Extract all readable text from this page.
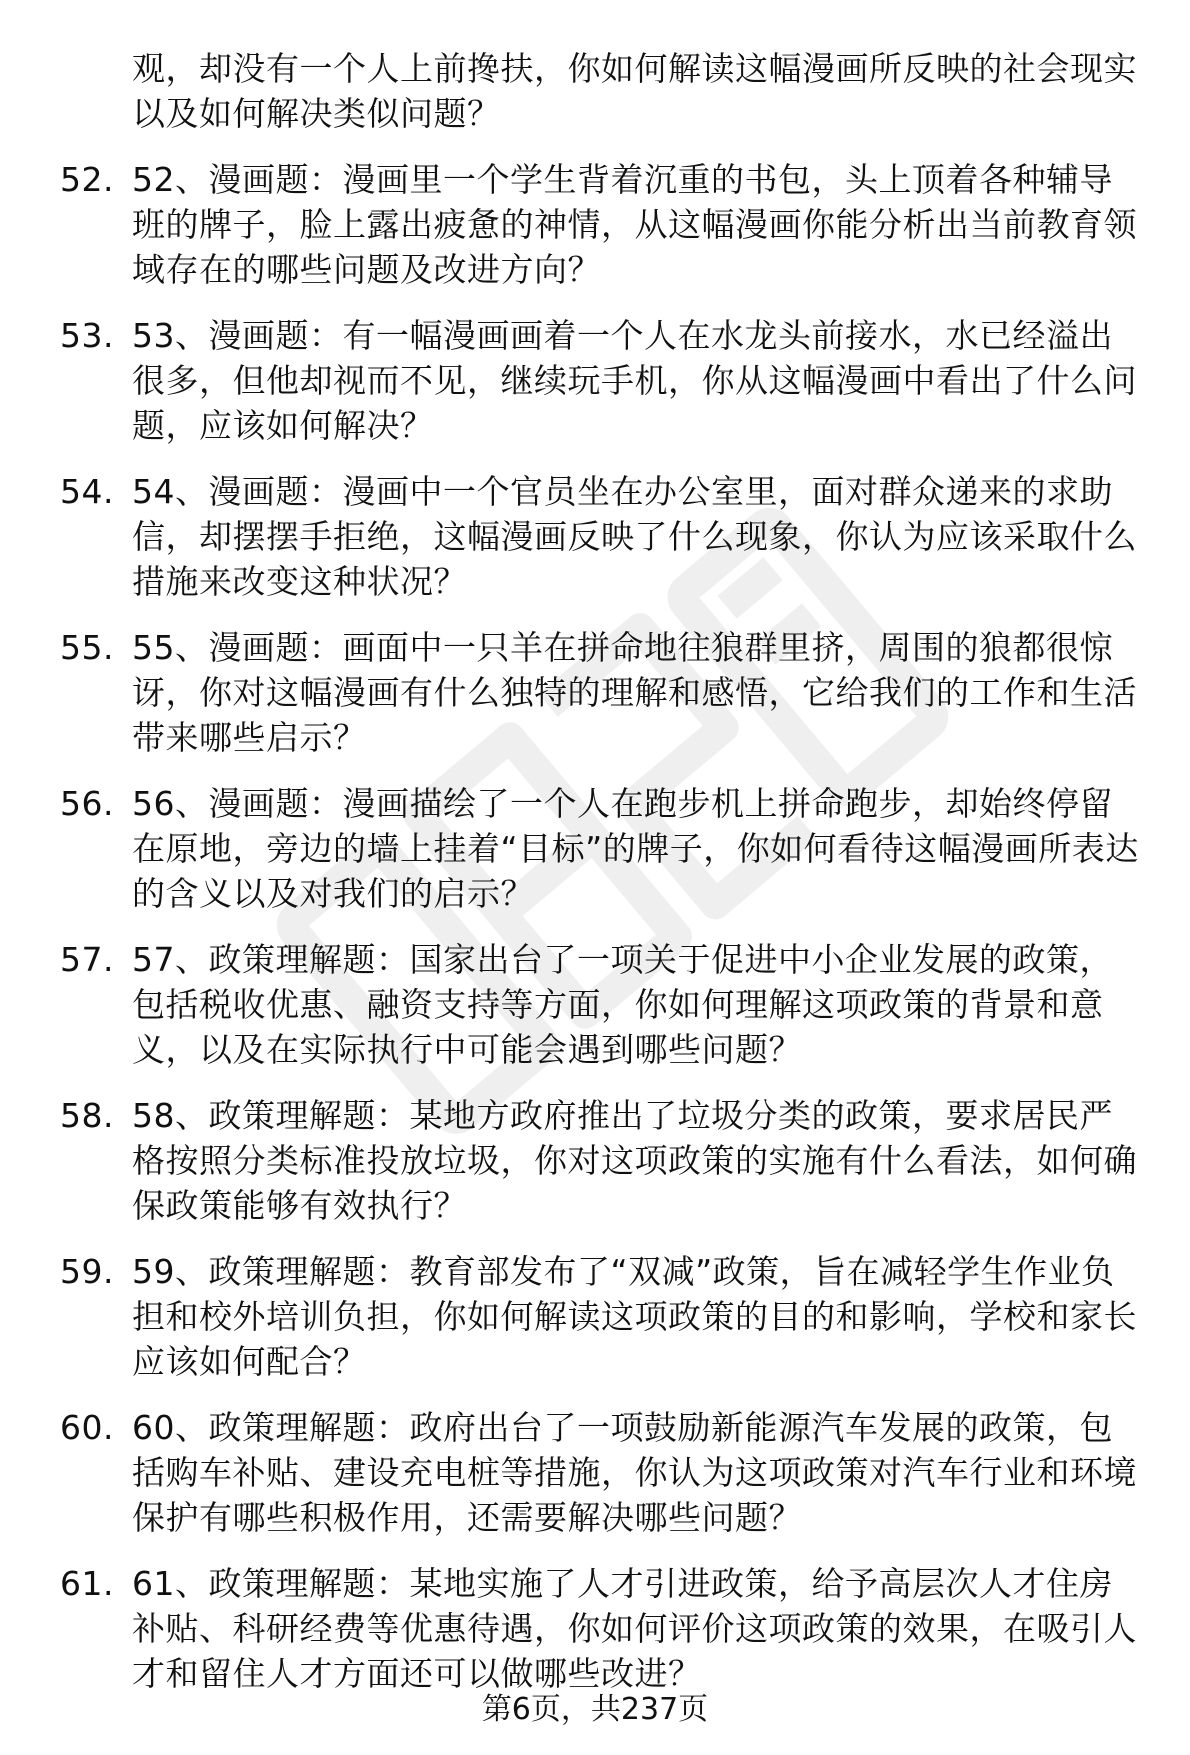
观，却没有一个人上前搀扶，你如何解读这幅漫画所反映的社会现实以及如何解决类似问题？

52. 52、漫画题：漫画里一个学生背着沉重的书包，头上顶着各种辅导班的牌子，脸上露出疲惫的神情，从这幅漫画你能分析出当前教育领域存在的哪些问题及改进方向？
53. 53、漫画题：有一幅漫画画着一个人在水龙头前接水，水已经溢出很多，但他却视而不见，继续玩手机，你从这幅漫画中看出了什么问题，应该如何解决？
54. 54、漫画题：漫画中一个官员坐在办公室里，面对群众递来的求助信，却摆摆手拒绝，这幅漫画反映了什么现象，你认为应该采取什么措施来改变这种状况？
55. 55、漫画题：画面中一只羊在拼命地往狼群里挤，周围的狼都很惊讶，你对这幅漫画有什么独特的理解和感悟，它给我们的工作和生活带来哪些启示？
56. 56、漫画题：漫画描绘了一个人在跑步机上拼命跑步，却始终停留在原地，旁边的墙上挂着“目标”的牌子，你如何看待这幅漫画所表达的含义以及对我们的启示？
57. 57、政策理解题：国家出台了一项关于促进中小企业发展的政策，包括税收优惠、融资支持等方面，你如何理解这项政策的背景和意义，以及在实际执行中可能会遇到哪些问题？
58. 58、政策理解题：某地方政府推出了垃圾分类的政策，要求居民严格按照分类标准投放垃圾，你对这项政策的实施有什么看法，如何确保政策能够有效执行？
59. 59、政策理解题：教育部发布了“双减”政策，旨在减轻学生作业负担和校外培训负担，你如何解读这项政策的目的和影响，学校和家长应该如何配合？
60. 60、政策理解题：政府出台了一项鼓励新能源汽车发展的政策，包括购车补贴、建设充电桩等措施，你认为这项政策对汽车行业和环境保护有哪些积极作用，还需要解决哪些问题？
61. 61、政策理解题：某地实施了人才引进政策，给予高层次人才住房补贴、科研经费等优惠待遇，你如何评价这项政策的效果，在吸引人才和留住人才方面还可以做哪些改进？
第6页，共237页
